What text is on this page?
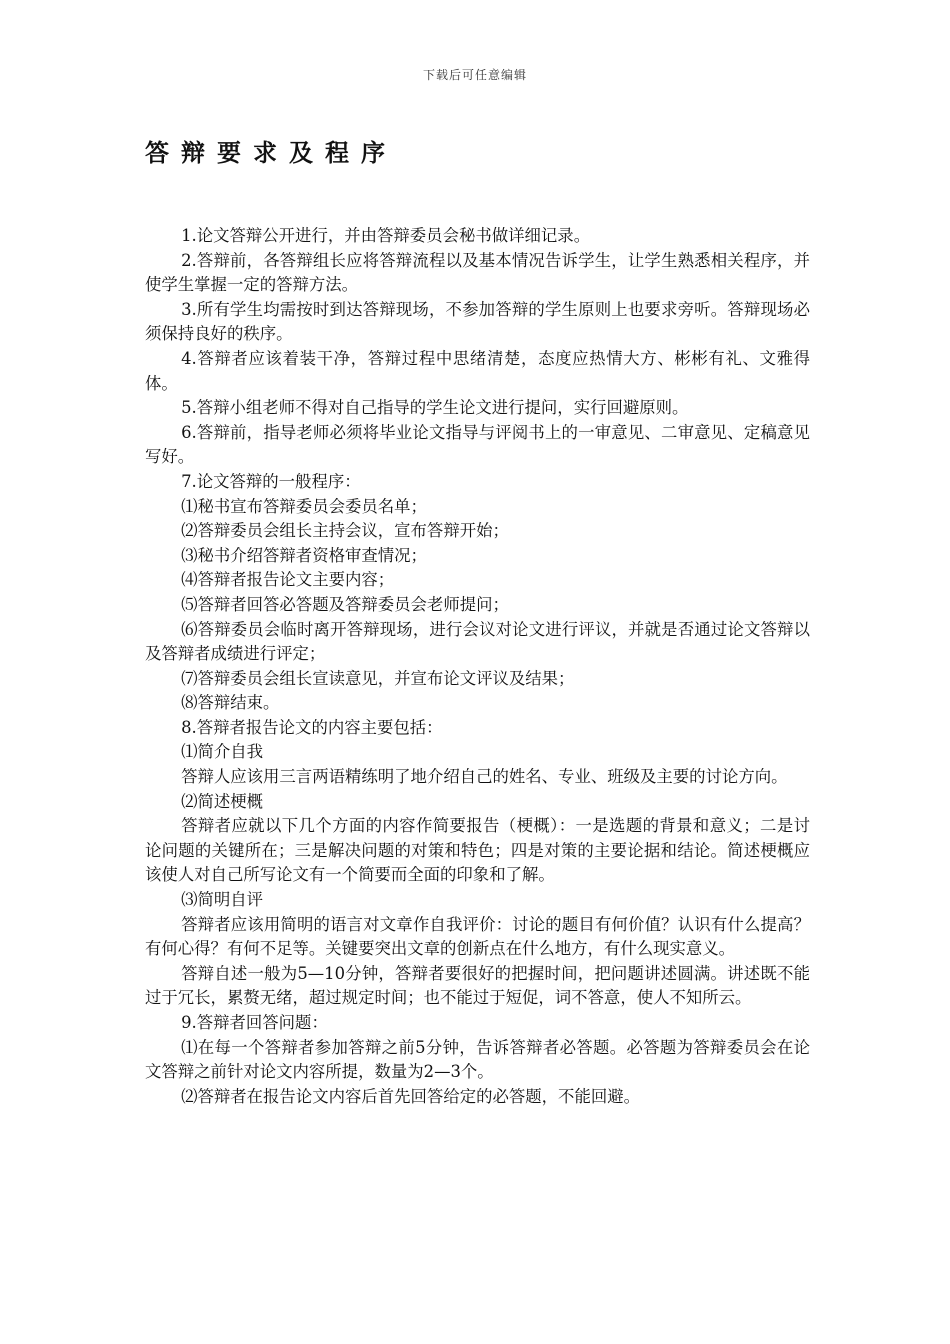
下载后可任意编辑
答辩要求及程序

1.论文答辩公开进行，并由答辩委员会秘书做详细记录。

2.答辩前，各答辩组长应将答辩流程以及基本情况告诉学生，让学生熟悉相关程序，并使学生掌握一定的答辩方法。

3.所有学生均需按时到达答辩现场，不参加答辩的学生原则上也要求旁听。答辩现场必须保持良好的秩序。

4.答辩者应该着装干净，答辩过程中思绪清楚，态度应热情大方、彬彬有礼、文雅得体。

5.答辩小组老师不得对自己指导的学生论文进行提问，实行回避原则。

6.答辩前，指导老师必须将毕业论文指导与评阅书上的一审意见、二审意见、定稿意见写好。

7.论文答辩的一般程序：

⑴秘书宣布答辩委员会委员名单；

⑵答辩委员会组长主持会议，宣布答辩开始；

⑶秘书介绍答辩者资格审查情况；

⑷答辩者报告论文主要内容；

⑸答辩者回答必答题及答辩委员会老师提问；

⑹答辩委员会临时离开答辩现场，进行会议对论文进行评议，并就是否通过论文答辩以及答辩者成绩进行评定；

⑺答辩委员会组长宣读意见，并宣布论文评议及结果；

⑻答辩结束。

8.答辩者报告论文的内容主要包括：

⑴简介自我

答辩人应该用三言两语精练明了地介绍自己的姓名、专业、班级及主要的讨论方向。

⑵简述梗概

答辩者应就以下几个方面的内容作简要报告（梗概）：一是选题的背景和意义；二是讨论问题的关键所在；三是解决问题的对策和特色；四是对策的主要论据和结论。简述梗概应该使人对自己所写论文有一个简要而全面的印象和了解。

⑶简明自评

答辩者应该用简明的语言对文章作自我评价：讨论的题目有何价值？认识有什么提高？有何心得？有何不足等。关键要突出文章的创新点在什么地方，有什么现实意义。

答辩自述一般为5—10分钟，答辩者要很好的把握时间，把问题讲述圆满。讲述既不能过于冗长，累赘无绪，超过规定时间；也不能过于短促，词不答意，使人不知所云。

9.答辩者回答问题：

⑴在每一个答辩者参加答辩之前5分钟，告诉答辩者必答题。必答题为答辩委员会在论文答辩之前针对论文内容所提，数量为2—3个。

⑵答辩者在报告论文内容后首先回答给定的必答题，不能回避。
